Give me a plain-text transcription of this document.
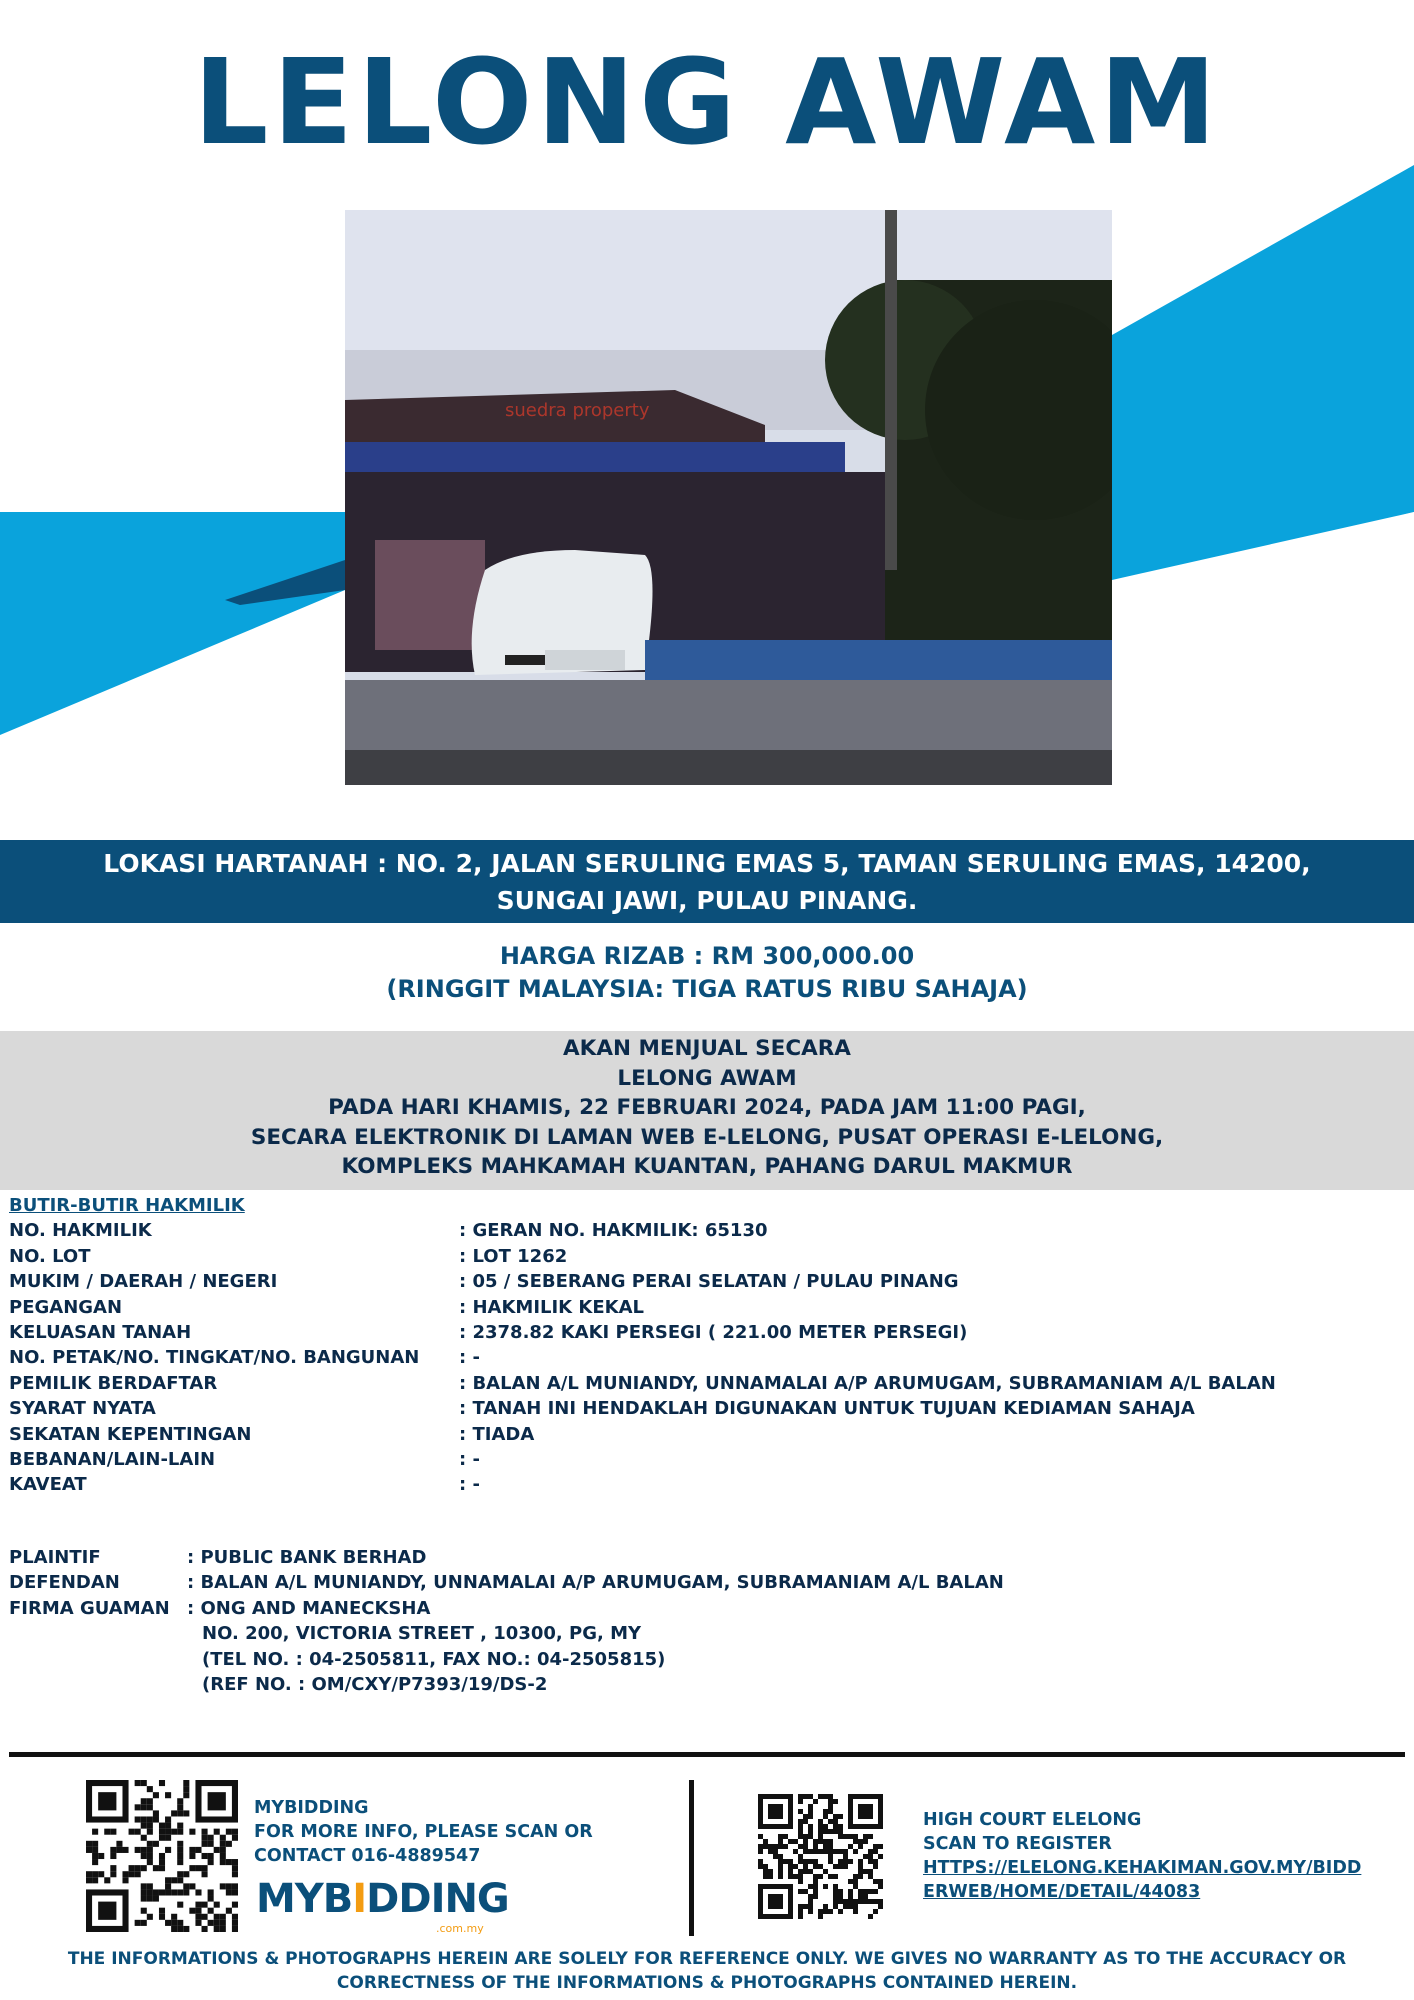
LELONG AWAM
suedra property
LOKASI HARTANAH : NO. 2, JALAN SERULING EMAS 5, TAMAN SERULING EMAS, 14200,
SUNGAI JAWI, PULAU PINANG.
HARGA RIZAB : RM 300,000.00
(RINGGIT MALAYSIA: TIGA RATUS RIBU SAHAJA)
AKAN MENJUAL SECARA
LELONG AWAM
PADA HARI KHAMIS, 22 FEBRUARI 2024, PADA JAM 11:00 PAGI,
SECARA ELEKTRONIK DI LAMAN WEB E-LELONG, PUSAT OPERASI E-LELONG,
KOMPLEKS MAHKAMAH KUANTAN, PAHANG DARUL MAKMUR
BUTIR-BUTIR HAKMILIK
NO. HAKMILIK	: GERAN NO. HAKMILIK: 65130
NO. LOT	: LOT 1262
MUKIM / DAERAH / NEGERI	: 05 / SEBERANG PERAI SELATAN / PULAU PINANG
PEGANGAN	: HAKMILIK KEKAL
KELUASAN TANAH	: 2378.82 KAKI PERSEGI ( 221.00 METER PERSEGI)
NO. PETAK/NO. TINGKAT/NO. BANGUNAN	: -
PEMILIK BERDAFTAR	: BALAN A/L MUNIANDY, UNNAMALAI A/P ARUMUGAM, SUBRAMANIAM A/L BALAN
SYARAT NYATA	: TANAH INI HENDAKLAH DIGUNAKAN UNTUK TUJUAN KEDIAMAN SAHAJA
SEKATAN KEPENTINGAN	: TIADA
BEBANAN/LAIN-LAIN	: -
KAVEAT	: -
PLAINTIF	: PUBLIC BANK BERHAD
DEFENDAN	: BALAN A/L MUNIANDY, UNNAMALAI A/P ARUMUGAM, SUBRAMANIAM A/L BALAN
FIRMA GUAMAN : ONG AND MANECKSHA
NO. 200, VICTORIA STREET , 10300, PG, MY
(TEL NO. : 04-2505811, FAX NO.: 04-2505815)
(REF NO. : OM/CXY/P7393/19/DS-2
MYBIDDING
FOR MORE INFO, PLEASE SCAN OR
CONTACT 016-4889547
MYBIDDING
.com.my
HIGH COURT ELELONG
SCAN TO REGISTER
HTTPS://ELELONG.KEHAKIMAN.GOV.MY/BIDD
ERWEB/HOME/DETAIL/44083
THE INFORMATIONS & PHOTOGRAPHS HEREIN ARE SOLELY FOR REFERENCE ONLY. WE GIVES NO WARRANTY AS TO THE ACCURACY OR
CORRECTNESS OF THE INFORMATIONS & PHOTOGRAPHS CONTAINED HEREIN.
